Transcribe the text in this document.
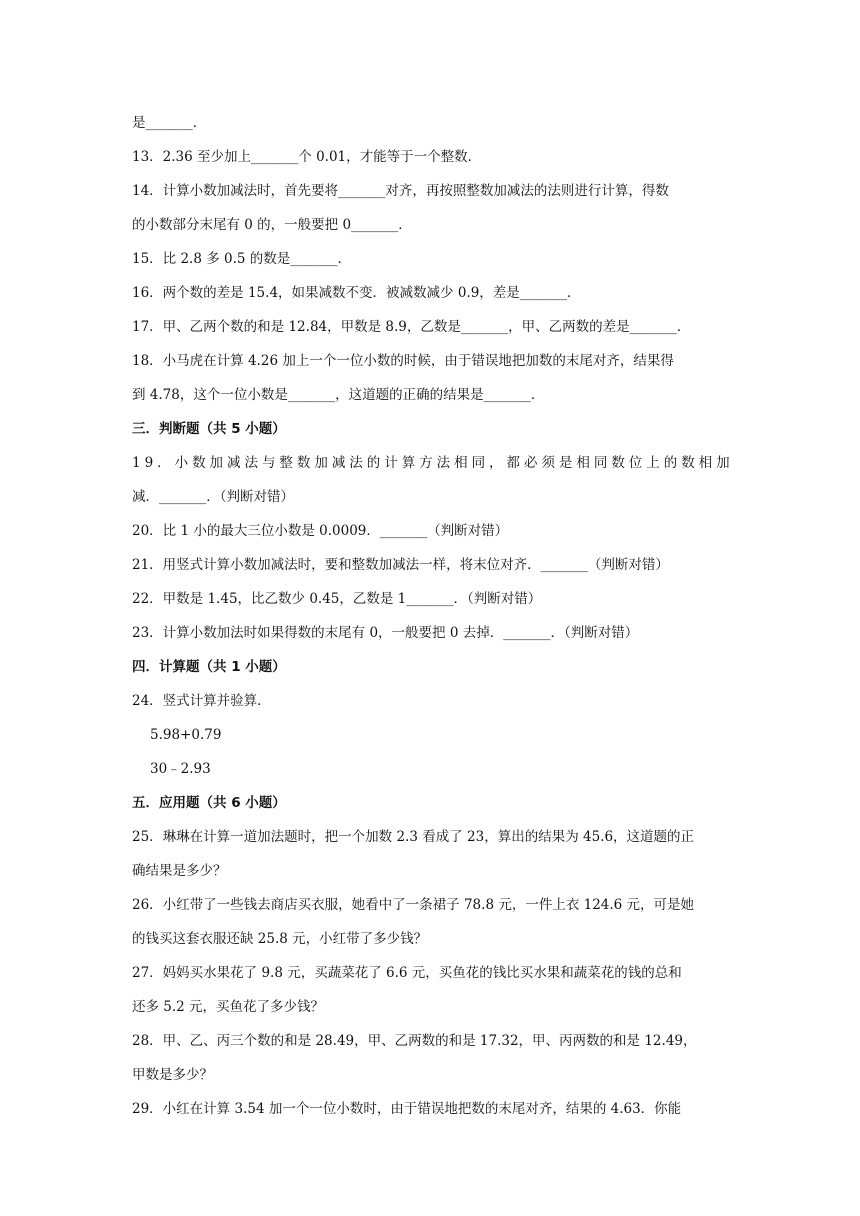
是_______．
13．2.36 至少加上_______个 0.01，才能等于一个整数．
14．计算小数加减法时，首先要将_______对齐，再按照整数加减法的法则进行计算，得数
的小数部分末尾有 0 的，一般要把 0_______．
15．比 2.8 多 0.5 的数是_______．
16．两个数的差是 15.4，如果减数不变．被减数减少 0.9，差是_______．
17．甲、乙两个数的和是 12.84，甲数是 8.9，乙数是_______，甲、乙两数的差是_______．
18．小马虎在计算 4.26 加上一个一位小数的时候，由于错误地把加数的末尾对齐，结果得
到 4.78，这个一位小数是_______，这道题的正确的结果是_______．
三．判断题（共 5 小题）
1 9 ． 小 数 加 减 法 与 整 数 加 减 法 的 计 算 方 法 相 同 ， 都 必 须 是 相 同 数 位 上 的 数 相 加
减．_______．（判断对错）
20．比 1 小的最大三位小数是 0.0009．_______（判断对错）
21．用竖式计算小数加减法时，要和整数加减法一样，将末位对齐．_______（判断对错）
22．甲数是 1.45，比乙数少 0.45，乙数是 1_______．（判断对错）
23．计算小数加法时如果得数的末尾有 0，一般要把 0 去掉．_______．（判断对错）
四．计算题（共 1 小题）
24．竖式计算并验算．
5.98+0.79
30﹣2.93
五．应用题（共 6 小题）
25．琳琳在计算一道加法题时，把一个加数 2.3 看成了 23，算出的结果为 45.6，这道题的正
确结果是多少？
26．小红带了一些钱去商店买衣服，她看中了一条裙子 78.8 元，一件上衣 124.6 元，可是她
的钱买这套衣服还缺 25.8 元，小红带了多少钱？
27．妈妈买水果花了 9.8 元，买蔬菜花了 6.6 元，买鱼花的钱比买水果和蔬菜花的钱的总和
还多 5.2 元，买鱼花了多少钱？
28．甲、乙、丙三个数的和是 28.49，甲、乙两数的和是 17.32，甲、丙两数的和是 12.49，
甲数是多少？
29．小红在计算 3.54 加一个一位小数时，由于错误地把数的末尾对齐，结果的 4.63．你能
